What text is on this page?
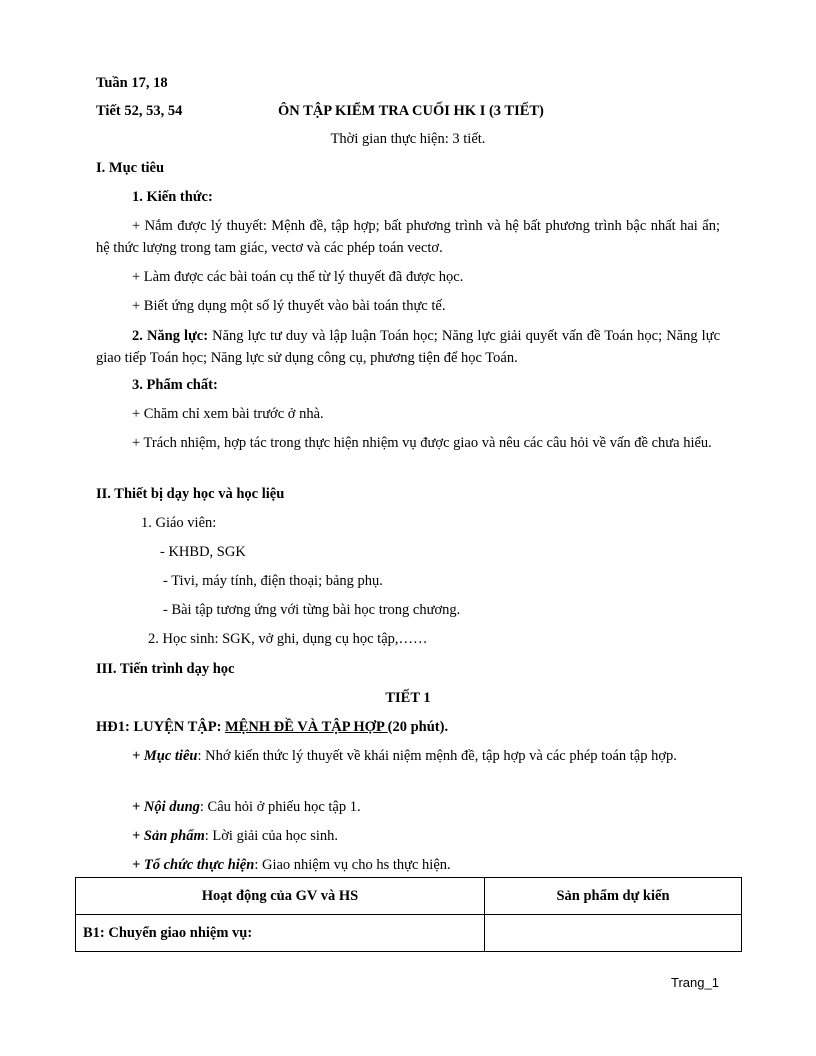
Tuần 17, 18
Tiết 52, 53, 54	ÔN TẬP KIỂM TRA CUỐI HK I (3 TIẾT)
Thời gian thực hiện: 3 tiết.
I. Mục tiêu
1. Kiến thức:
+ Nắm được lý thuyết: Mệnh đề, tập hợp; bất phương trình và hệ bất phương trình bậc nhất hai ẩn; hệ thức lượng trong tam giác, vectơ và các phép toán vectơ.
+ Làm được các bài toán cụ thể từ lý thuyết đã được học.
+ Biết ứng dụng một số lý thuyết vào bài toán thực tế.
2. Năng lực: Năng lực tư duy và lập luận Toán học; Năng lực giải quyết vấn đề Toán học; Năng lực giao tiếp Toán học; Năng lực sử dụng công cụ, phương tiện để học Toán.
3. Phẩm chất:
+ Chăm chỉ xem bài trước ở nhà.
+ Trách nhiệm, hợp tác trong thực hiện nhiệm vụ được giao và nêu các câu hỏi về vấn đề chưa hiểu.
II. Thiết bị dạy học và học liệu
1. Giáo viên:
- KHBD, SGK
- Tivi, máy tính, điện thoại; bảng phụ.
- Bài tập tương ứng với từng bài học trong chương.
2. Học sinh: SGK, vở ghi, dụng cụ học tập,……
III. Tiến trình dạy học
TIẾT 1
HĐ1: LUYỆN TẬP: MỆNH ĐỀ VÀ TẬP HỢP (20 phút).
+ Mục tiêu: Nhớ kiến thức lý thuyết về khái niệm mệnh đề, tập hợp và các phép toán tập hợp.
+ Nội dung: Câu hỏi ở phiếu học tập 1.
+ Sản phẩm: Lời giải của học sinh.
+ Tổ chức thực hiện: Giao nhiệm vụ cho hs thực hiện.
Hoạt động của GV và HS	Sản phẩm dự kiến
B1: Chuyển giao nhiệm vụ:	
Trang_1
